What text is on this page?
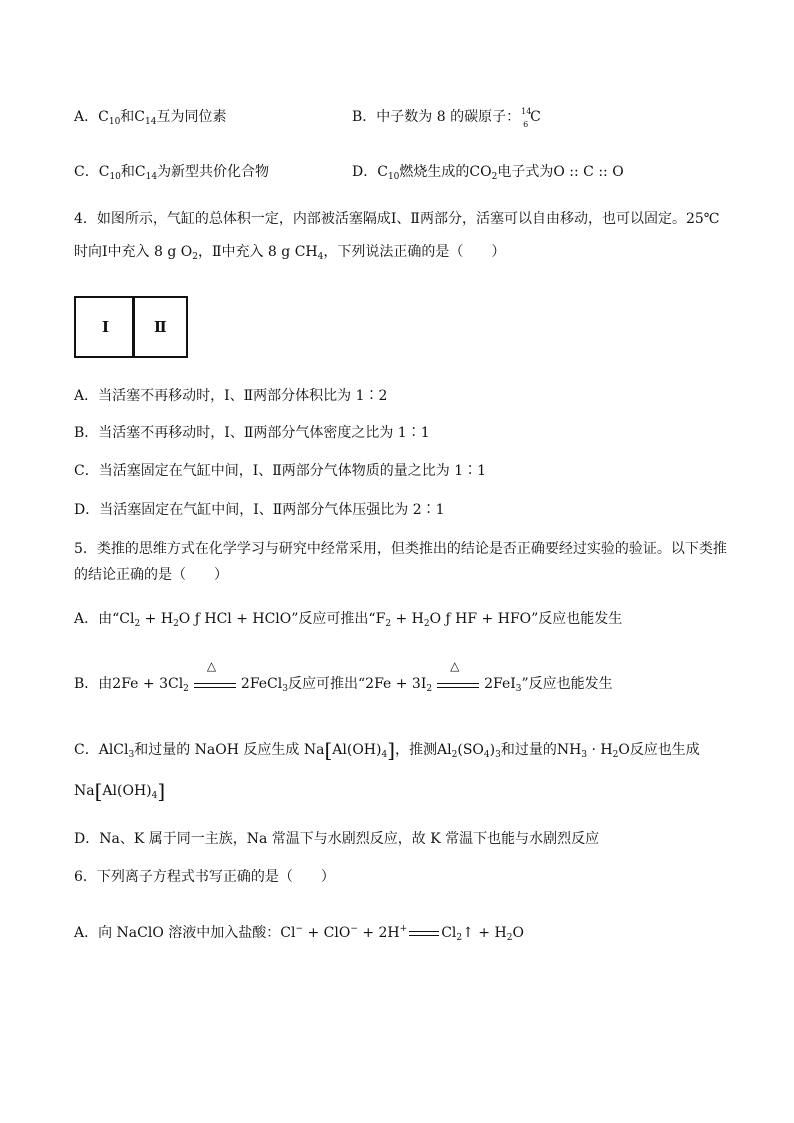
A．$C_{10}$和$C_{14}$互为同位素	B．中子数为 8 的碳原子： 14
6 C
C．$C_{10}$和$C_{14}$为新型共价化合物	D．$C_{10}$燃烧生成的$CO_2$电子式为O :: C :: O
4．如图所示，气缸的总体积一定，内部被活塞隔成Ⅰ、Ⅱ两部分，活塞可以自由移动，也可以固定。25℃
时向Ⅰ中充入 8 g $O_2$，Ⅱ中充入 8 g $CH_4$，下列说法正确的是（　　）
Ⅰ	Ⅱ
A．当活塞不再移动时，Ⅰ、Ⅱ两部分体积比为 1∶2
B．当活塞不再移动时，Ⅰ、Ⅱ两部分气体密度之比为 1∶1
C．当活塞固定在气缸中间，Ⅰ、Ⅱ两部分气体物质的量之比为 1∶1
D．当活塞固定在气缸中间，Ⅰ、Ⅱ两部分气体压强比为 2∶1
5．类推的思维方式在化学学习与研究中经常采用，但类推出的结论是否正确要经过实验的验证。以下类推
的结论正确的是（　　）
A．由“$Cl_2 + H_2O$ ƒ HCl + HClO”反应可推出“$F_2 + H_2O$ ƒ HF + HFO”反应也能发生
B．由$2Fe + 3Cl_2$
△
2FeCl$_3$反应可推出“$2Fe + 3I_2$
△
2FeI$_3$”反应也能发生
C．AlCl$_3$和过量的 NaOH 反应生成 $Na[Al(OH)_4]$，推测$Al_2(SO_4)_3$和过量的$NH_3 \cdot H_2O$反应也生成
$Na[Al(OH)_4]$
D．Na、K 属于同一主族，Na 常温下与水剧烈反应，故 K 常温下也能与水剧烈反应
6．下列离子方程式书写正确的是（　　）
A．向 NaClO 溶液中加入盐酸：Cl− + ClO− + 2H+ $Cl_2↑ + H_2O$
